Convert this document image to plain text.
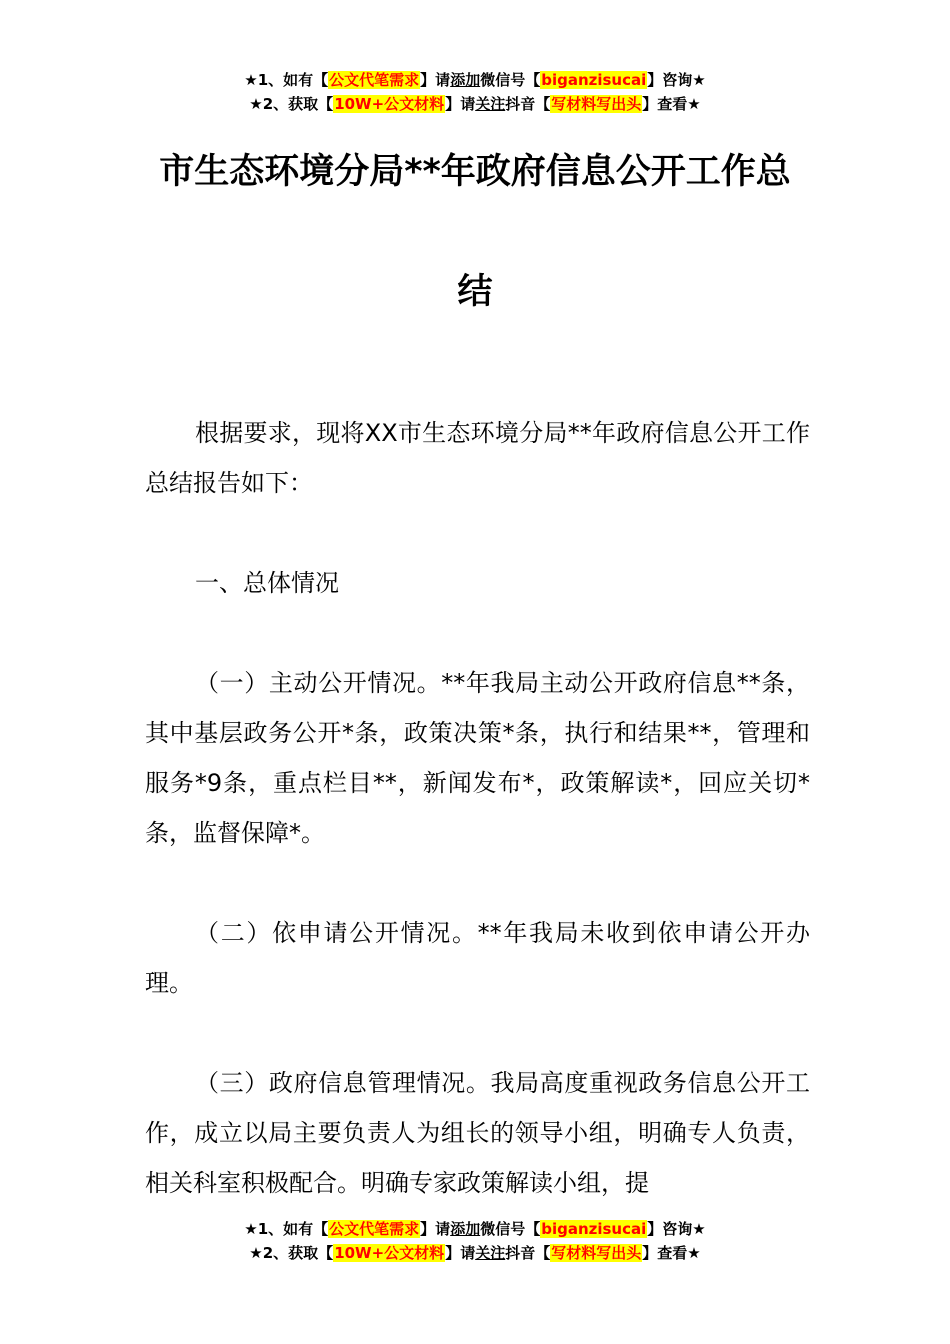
★1、如有【公文代笔需求】请添加微信号【biganzisucai】咨询★
★2、获取【10W+公文材料】请关注抖音【写材料写出头】查看★
市生态环境分局**年政府信息公开工作总
结

根据要求，现将XX市生态环境分局**年政府信息公开工作总结报告如下：

一、总体情况

（一）主动公开情况。**年我局主动公开政府信息**条，其中基层政务公开*条，政策决策*条，执行和结果**，管理和服务*9条，重点栏目**，新闻发布*，政策解读*，回应关切*条，监督保障*。

（二）依申请公开情况。**年我局未收到依申请公开办理。

（三）政府信息管理情况。我局高度重视政务信息公开工作，成立以局主要负责人为组长的领导小组，明确专人负责，相关科室积极配合。明确专家政策解读小组，提

★1、如有【公文代笔需求】请添加微信号【biganzisucai】咨询★
★2、获取【10W+公文材料】请关注抖音【写材料写出头】查看★
